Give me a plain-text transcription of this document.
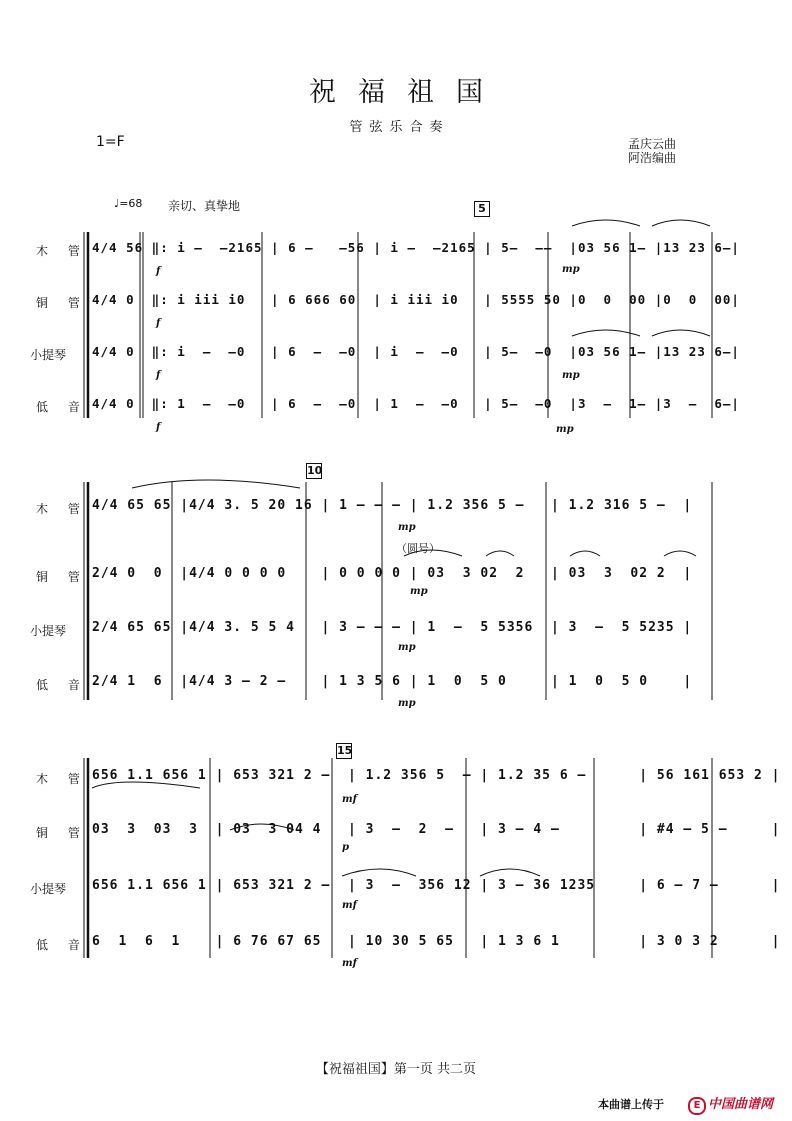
祝福祖国
管弦乐合奏
1=F	孟庆云曲
阿浩编曲
♩=68 亲切、真挚地	5
10
15
木 管
铜 管
小提琴
低 音
4/4 56 ‖: i –  –2165 | 6 –   –56 | i –  –2165 | 5–  ––  |03 56 1– |13 23 6–|
4/4 0  ‖: i iii i0   | 6 666 60  | i iii i0   | 5555 50 |0  0  00 |0  0  00|
4/4 0  ‖: i  –  –0   | 6  –  –0  | i  –  –0   | 5–  –0  |03 56 1– |13 23 6–|
4/4 0  ‖: 1  –  –0   | 6  –  –0  | 1  –  –0   | 5–  –0  |3  –  1– |3  –  6–|
f
f
f
f
mp
mp
mp
木 管
铜 管
小提琴
低 音
4/4 65 65 |4/4 3. 5 20 16 | 1 – – – | 1.2 356 5 –   | 1.2 316 5 –  |
2/4 0  0  |4/4 0 0 0 0    | 0 0 0 0 | 03  3 02  2   | 03  3  02 2  |
2/4 65 65 |4/4 3. 5 5 4   | 3 – – – | 1  –  5 5356  | 3  –  5 5235 |
2/4 1  6  |4/4 3 – 2 –    | 1 3 5 6 | 1  0  5 0     | 1  0  5 0    |
（圆号）
mp
mp
mp
mp
木 管
铜 管
小提琴
低 音
656 1.1 656 1 | 653 321 2 –  | 1.2 356 5  – | 1.2 35 6 –      | 56 161 653 2 |
03  3  03  3  | 03  3 04 4   | 3  –  2  –   | 3 – 4 –         | #4 – 5 –     |
656 1.1 656 1 | 653 321 2 –  | 3  –  356 12 | 3 – 36 1235     | 6 – 7 –      |
6  1  6  1    | 6 76 67 65   | 10 30 5 65   | 1 3 6 1         | 3 0 3 2      |
mf
p
mf
mf
【祝福祖国】第一页 共二页
本曲谱上传于	E 中国曲谱网
